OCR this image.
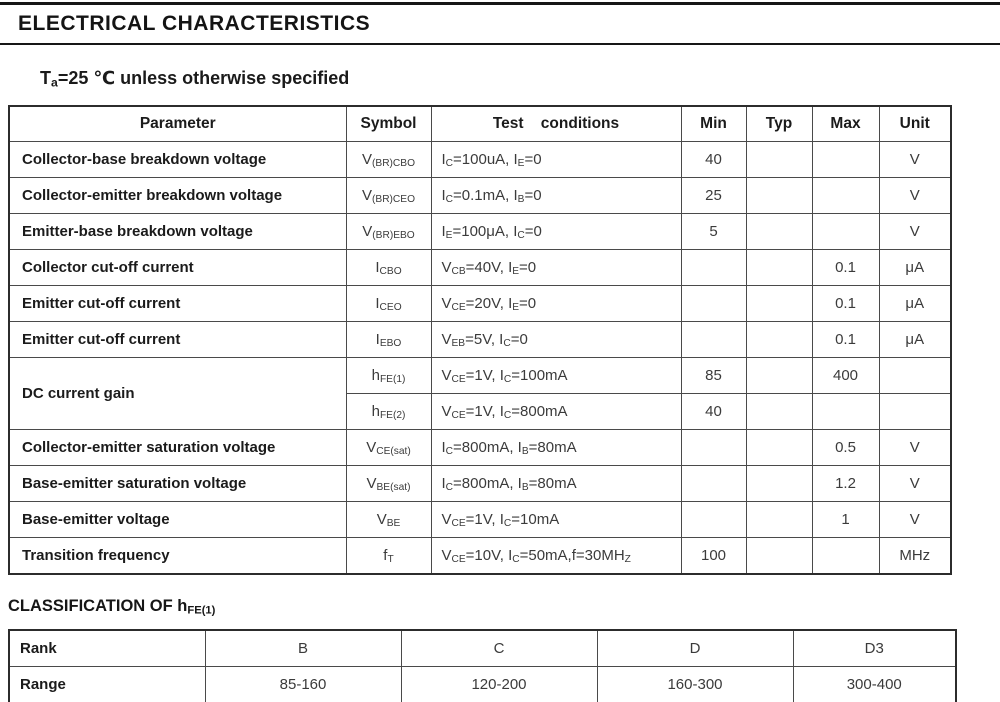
ELECTRICAL CHARACTERISTICS

$T_a=25$ ℃ unless otherwise specified

Parameter	Symbol	Test    conditions	Min	Typ	Max	Unit
Collector-base breakdown voltage	$V_{(BR)CBO}$	$I_C=100uA$, $I_E=0$	40			V
Collector-emitter breakdown voltage	$V_{(BR)CEO}$	$I_C=0.1mA$, $I_B=0$	25			V
Emitter-base breakdown voltage	$V_{(BR)EBO}$	$I_E=100\mu A$, $I_C=0$	5			V
Collector cut-off current	$I_{CBO}$	$V_{CB}=40V$, $I_E=0$			0.1	μA
Emitter cut-off current	$I_{CEO}$	$V_{CE}=20V$, $I_E=0$			0.1	μA
Emitter cut-off current	$I_{EBO}$	$V_{EB}=5V$, $I_C=0$			0.1	μA
DC current gain	$h_{FE(1)}$	$V_{CE}=1V$, $I_C=100mA$	85		400	
	$h_{FE(2)}$	$V_{CE}=1V$, $I_C=800mA$	40			
Collector-emitter saturation voltage	$V_{CE(sat)}$	$I_C=800mA$, $I_B=80mA$			0.5	V
Base-emitter saturation voltage	$V_{BE(sat)}$	$I_C=800mA$, $I_B=80mA$			1.2	V
Base-emitter voltage	$V_{BE}$	$V_{CE}=1V$, $I_C=10mA$			1	V
Transition frequency	$f_T$	$V_{CE}=10V$, $I_C=50mA,f=30MH_Z$	100			MHz
CLASSIFICATION OF $h_{FE(1)}$
Rank	B	C	D	D3
Range	85-160	120-200	160-300	300-400
